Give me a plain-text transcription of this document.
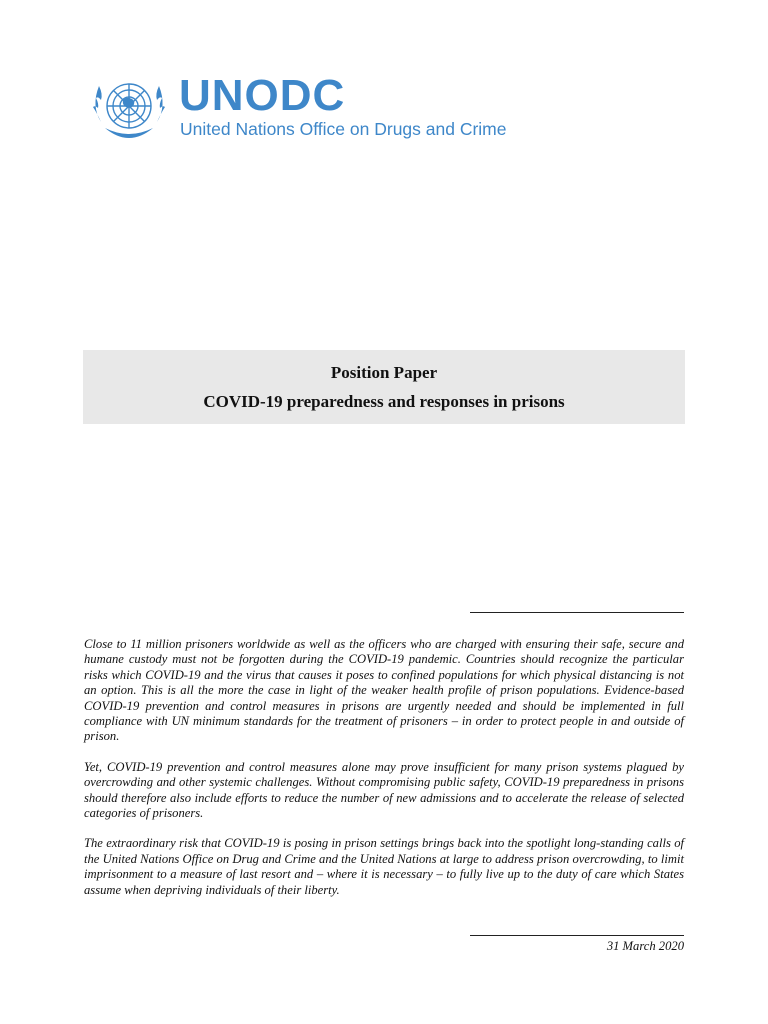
UNODC
United Nations Office on Drugs and Crime
Position Paper
COVID-19 preparedness and responses in prisons

Close to 11 million prisoners worldwide as well as the officers who are charged with ensuring their safe, secure and humane custody must not be forgotten during the COVID-19 pandemic. Countries should recognize the particular risks which COVID-19 and the virus that causes it poses to confined populations for which physical distancing is not an option. This is all the more the case in light of the weaker health profile of prison populations. Evidence-based COVID-19 prevention and control measures in prisons are urgently needed and should be implemented in full compliance with UN minimum standards for the treatment of prisoners – in order to protect people in and outside of prison.

Yet, COVID-19 prevention and control measures alone may prove insufficient for many prison systems plagued by overcrowding and other systemic challenges. Without compromising public safety, COVID-19 preparedness in prisons should therefore also include efforts to reduce the number of new admissions and to accelerate the release of selected categories of prisoners.

The extraordinary risk that COVID-19 is posing in prison settings brings back into the spotlight long-standing calls of the United Nations Office on Drug and Crime and the United Nations at large to address prison overcrowding, to limit imprisonment to a measure of last resort and – where it is necessary – to fully live up to the duty of care which States assume when depriving individuals of their liberty.

31 March 2020
